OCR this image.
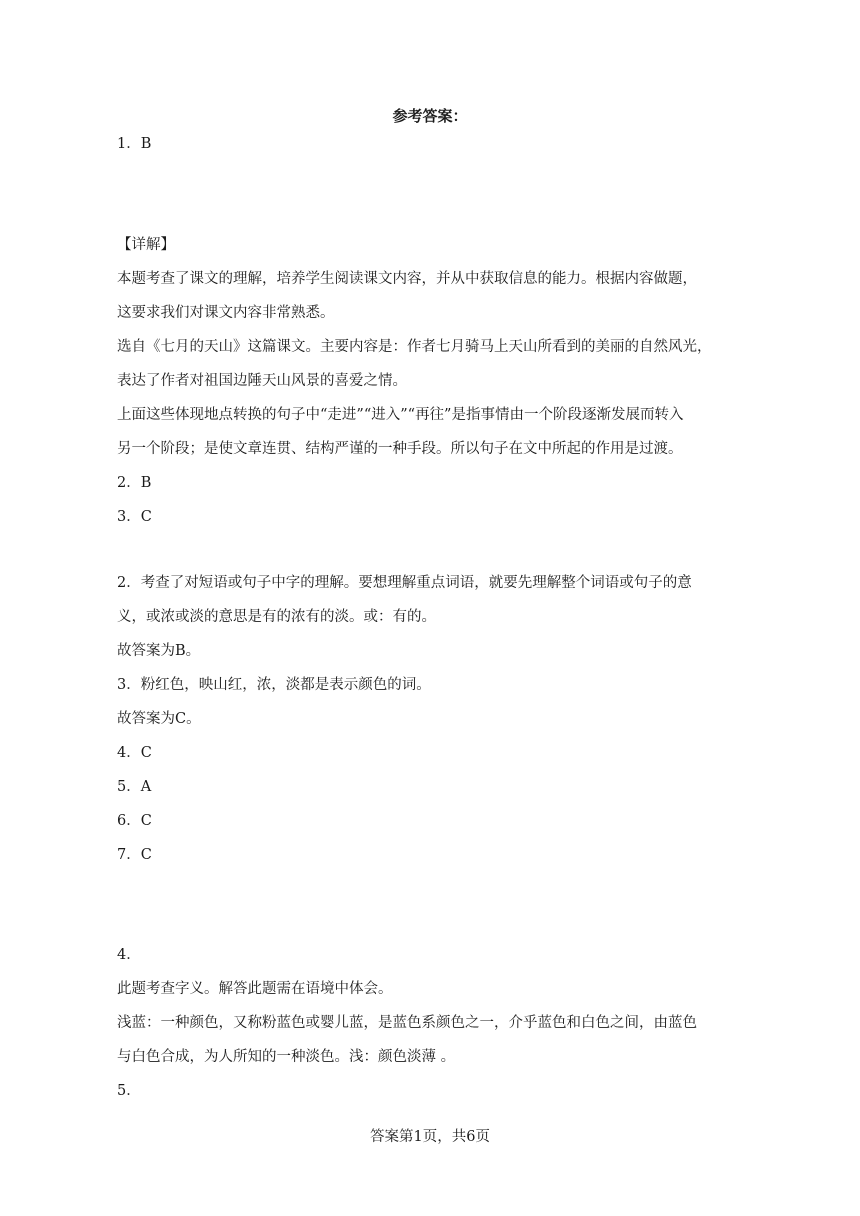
参考答案：
1．B
【详解】
本题考查了课文的理解，培养学生阅读课文内容，并从中获取信息的能力。根据内容做题，
这要求我们对课文内容非常熟悉。
选自《七月的天山》这篇课文。主要内容是：作者七月骑马上天山所看到的美丽的自然风光，
表达了作者对祖国边陲天山风景的喜爱之情。
上面这些体现地点转换的句子中“走进”“进入”“再往”是指事情由一个阶段逐渐发展而转入
另一个阶段；是使文章连贯、结构严谨的一种手段。所以句子在文中所起的作用是过渡。
2．B
3．C
2．考查了对短语或句子中字的理解。要想理解重点词语，就要先理解整个词语或句子的意
义，或浓或淡的意思是有的浓有的淡。或：有的。
故答案为B。
3．粉红色，映山红，浓，淡都是表示颜色的词。
故答案为C。
4．C
5．A
6．C
7．C
4．
此题考查字义。解答此题需在语境中体会。
浅蓝：一种颜色，又称粉蓝色或婴儿蓝，是蓝色系颜色之一，介乎蓝色和白色之间，由蓝色
与白色合成，为人所知的一种淡色。浅：颜色淡薄 。
5．
答案第1页，共6页
